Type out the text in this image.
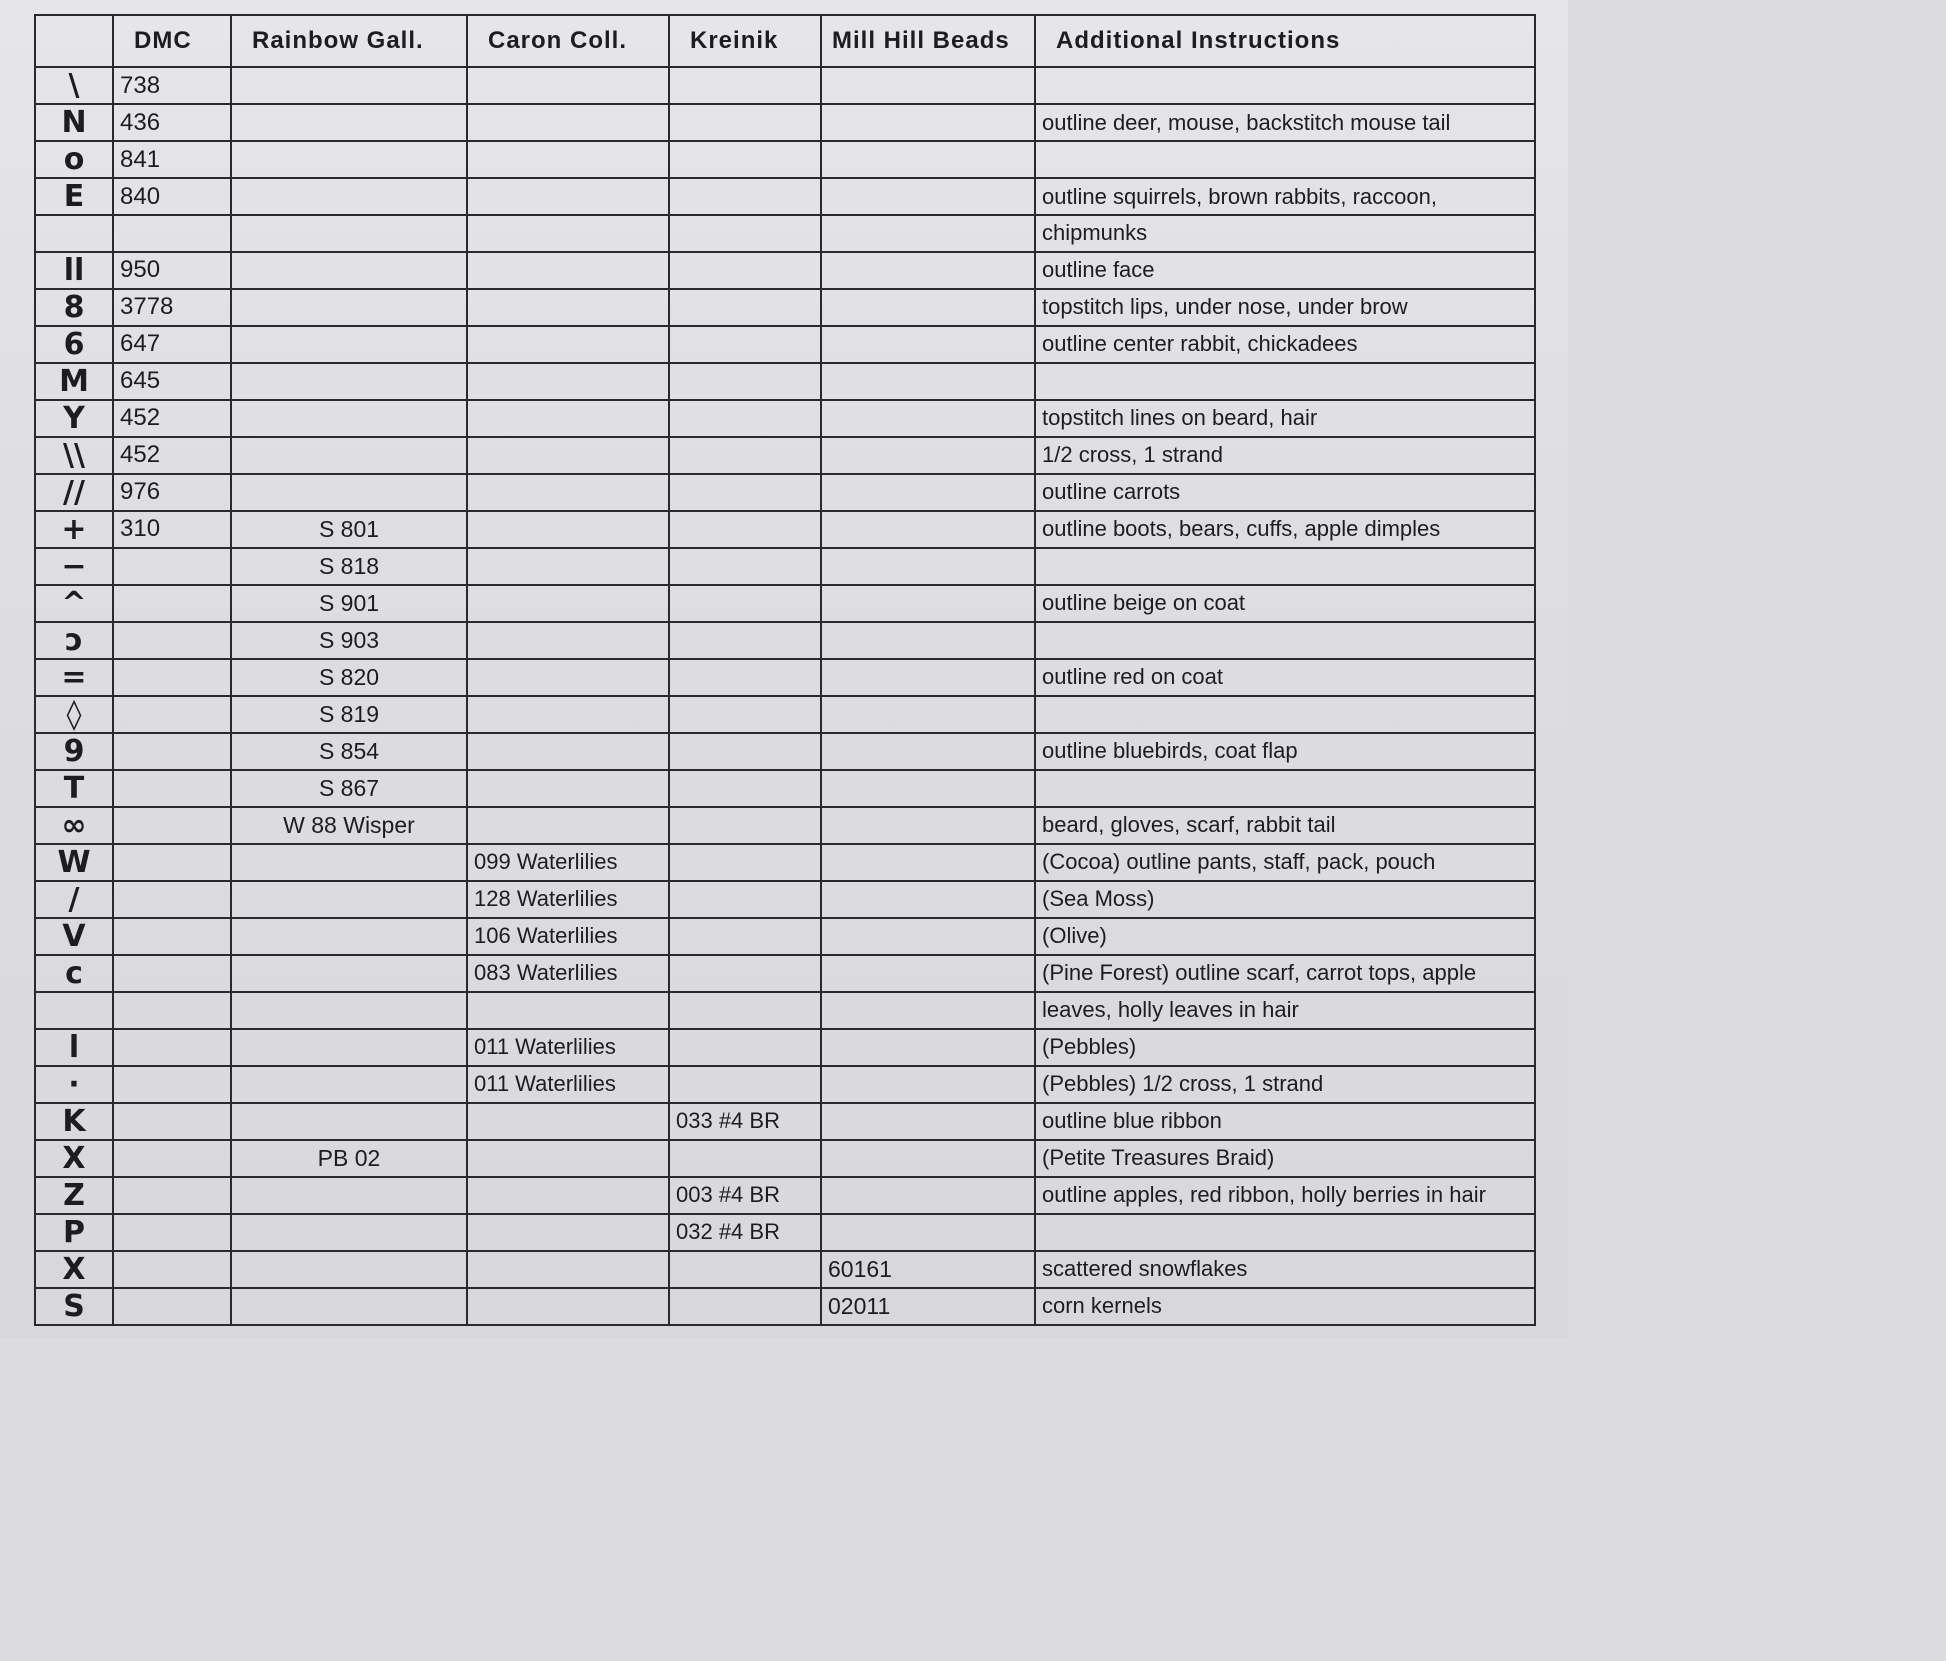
	DMC	Rainbow Gall.	Caron Coll.	Kreinik	Mill Hill Beads	Additional Instructions
\	738					
N	436					outline deer, mouse, backstitch mouse tail
o	841					
E	840					outline squirrels, brown rabbits, raccoon,
						chipmunks
ll	950					outline face
8	3778					topstitch lips, under nose, under brow
6	647					outline center rabbit, chickadees
M	645					
Y	452					topstitch lines on beard, hair
\\	452					1/2 cross, 1 strand
//	976					outline carrots
+	310	S 801				outline boots, bears, cuffs, apple dimples
−		S 818				
^		S 901				outline beige on coat
ↄ		S 903				
=		S 820				outline red on coat
◊		S 819				
9		S 854				outline bluebirds, coat flap
T		S 867				
∞		W 88 Wisper				beard, gloves, scarf, rabbit tail
W			099 Waterlilies			(Cocoa) outline pants, staff, pack, pouch
/			128 Waterlilies			(Sea Moss)
V			106 Waterlilies			(Olive)
c			083 Waterlilies			(Pine Forest) outline scarf, carrot tops, apple
						leaves, holly leaves in hair
l			011 Waterlilies			(Pebbles)
·			011 Waterlilies			(Pebbles) 1/2 cross, 1 strand
K				033 #4 BR		outline blue ribbon
X		PB 02				(Petite Treasures Braid)
Z				003 #4 BR		outline apples, red ribbon, holly berries in hair
P				032 #4 BR		
X					60161	scattered snowflakes
S					02011	corn kernels
